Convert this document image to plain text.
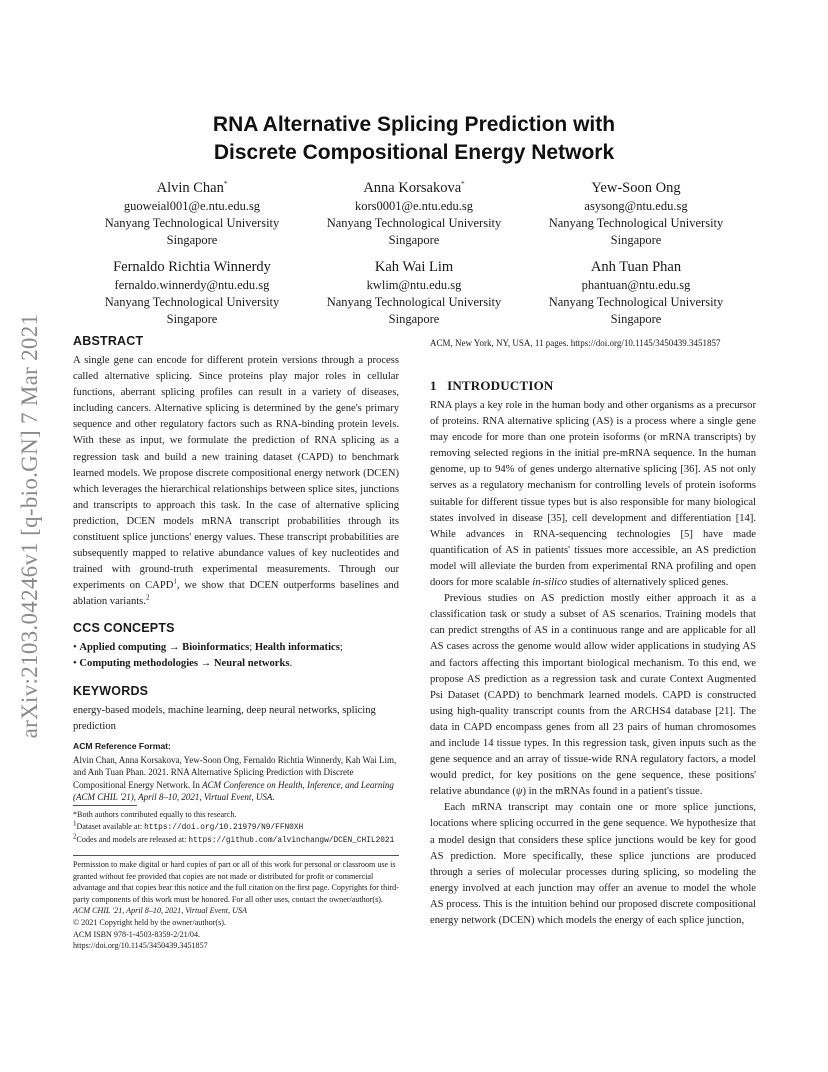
arXiv:2103.04246v1 [q-bio.GN] 7 Mar 2021
RNA Alternative Splicing Prediction with
Discrete Compositional Energy Network
Alvin Chan*
guoweial001@e.ntu.edu.sg
Nanyang Technological University
Singapore
Anna Korsakova*
kors0001@e.ntu.edu.sg
Nanyang Technological University
Singapore
Yew-Soon Ong
asysong@ntu.edu.sg
Nanyang Technological University
Singapore
Fernaldo Richtia Winnerdy
fernaldo.winnerdy@ntu.edu.sg
Nanyang Technological University
Singapore
Kah Wai Lim
kwlim@ntu.edu.sg
Nanyang Technological University
Singapore
Anh Tuan Phan
phantuan@ntu.edu.sg
Nanyang Technological University
Singapore
ABSTRACT
A single gene can encode for different protein versions through a process called alternative splicing. Since proteins play major roles in cellular functions, aberrant splicing profiles can result in a variety of diseases, including cancers. Alternative splicing is determined by the gene's primary sequence and other regulatory factors such as RNA-binding protein levels. With these as input, we formulate the prediction of RNA splicing as a regression task and build a new training dataset (CAPD) to benchmark learned models. We propose discrete compositional energy network (DCEN) which leverages the hierarchical relationships between splice sites, junctions and transcripts to approach this task. In the case of alternative splicing prediction, DCEN models mRNA transcript probabilities through its constituent splice junctions' energy values. These transcript probabilities are subsequently mapped to relative abundance values of key nucleotides and trained with ground-truth experimental measurements. Through our experiments on CAPD$^1$, we show that DCEN outperforms baselines and ablation variants.$^2$
CCS CONCEPTS
• Applied computing → Bioinformatics; Health informatics;
• Computing methodologies → Neural networks.
KEYWORDS
energy-based models, machine learning, deep neural networks, splicing prediction
ACM Reference Format:
Alvin Chan, Anna Korsakova, Yew-Soon Ong, Fernaldo Richtia Winnerdy, Kah Wai Lim, and Anh Tuan Phan. 2021. RNA Alternative Splicing Prediction with Discrete Compositional Energy Network. In ACM Conference on Health, Inference, and Learning (ACM CHIL '21), April 8–10, 2021, Virtual Event, USA.
*Both authors contributed equally to this research.
$^1$Dataset available at: https://doi.org/10.21979/N9/FFN0XH
$^2$Codes and models are released at: https://github.com/alvinchangw/DCEN_CHIL2021
Permission to make digital or hard copies of part or all of this work for personal or classroom use is granted without fee provided that copies are not made or distributed for profit or commercial advantage and that copies bear this notice and the full citation on the first page. Copyrights for third-party components of this work must be honored. For all other uses, contact the owner/author(s).
ACM CHIL '21, April 8–10, 2021, Virtual Event, USA
© 2021 Copyright held by the owner/author(s).
ACM ISBN 978-1-4503-8359-2/21/04.
https://doi.org/10.1145/3450439.3451857
ACM, New York, NY, USA, 11 pages. https://doi.org/10.1145/3450439.3451857
1 INTRODUCTION
RNA plays a key role in the human body and other organisms as a precursor of proteins. RNA alternative splicing (AS) is a process where a single gene may encode for more than one protein isoforms (or mRNA transcripts) by removing selected regions in the initial pre-mRNA sequence. In the human genome, up to 94% of genes undergo alternative splicing [36]. AS not only serves as a regulatory mechanism for controlling levels of protein isoforms suitable for different tissue types but is also responsible for many biological states involved in disease [35], cell development and differentiation [14]. While advances in RNA-sequencing technologies [5] have made quantification of AS in patients' tissues more accessible, an AS prediction model will alleviate the burden from experimental RNA profiling and open doors for more scalable in-silico studies of alternatively spliced genes.
Previous studies on AS prediction mostly either approach it as a classification task or study a subset of AS scenarios. Training models that can predict strengths of AS in a continuous range and are applicable for all AS cases across the genome would allow wider applications in studying AS and factors affecting this important biological mechanism. To this end, we propose AS prediction as a regression task and curate Context Augmented Psi Dataset (CAPD) to benchmark learned models. CAPD is constructed using high-quality transcript counts from the ARCHS4 database [21]. The data in CAPD encompass genes from all 23 pairs of human chromosomes and include 14 tissue types. In this regression task, given inputs such as the gene sequence and an array of tissue-wide RNA regulatory factors, a model would predict, for key positions on the gene sequence, these positions' relative abundance (ψ) in the mRNAs found in a patient's tissue.
Each mRNA transcript may contain one or more splice junctions, locations where splicing occurred in the gene sequence. We hypothesize that a model design that considers these splice junctions would be key for good AS prediction. More specifically, these splice junctions are produced through a series of molecular processes during splicing, so modeling the energy involved at each junction may offer an avenue to model the whole AS process. This is the intuition behind our proposed discrete compositional energy network (DCEN) which models the energy of each splice junction,
